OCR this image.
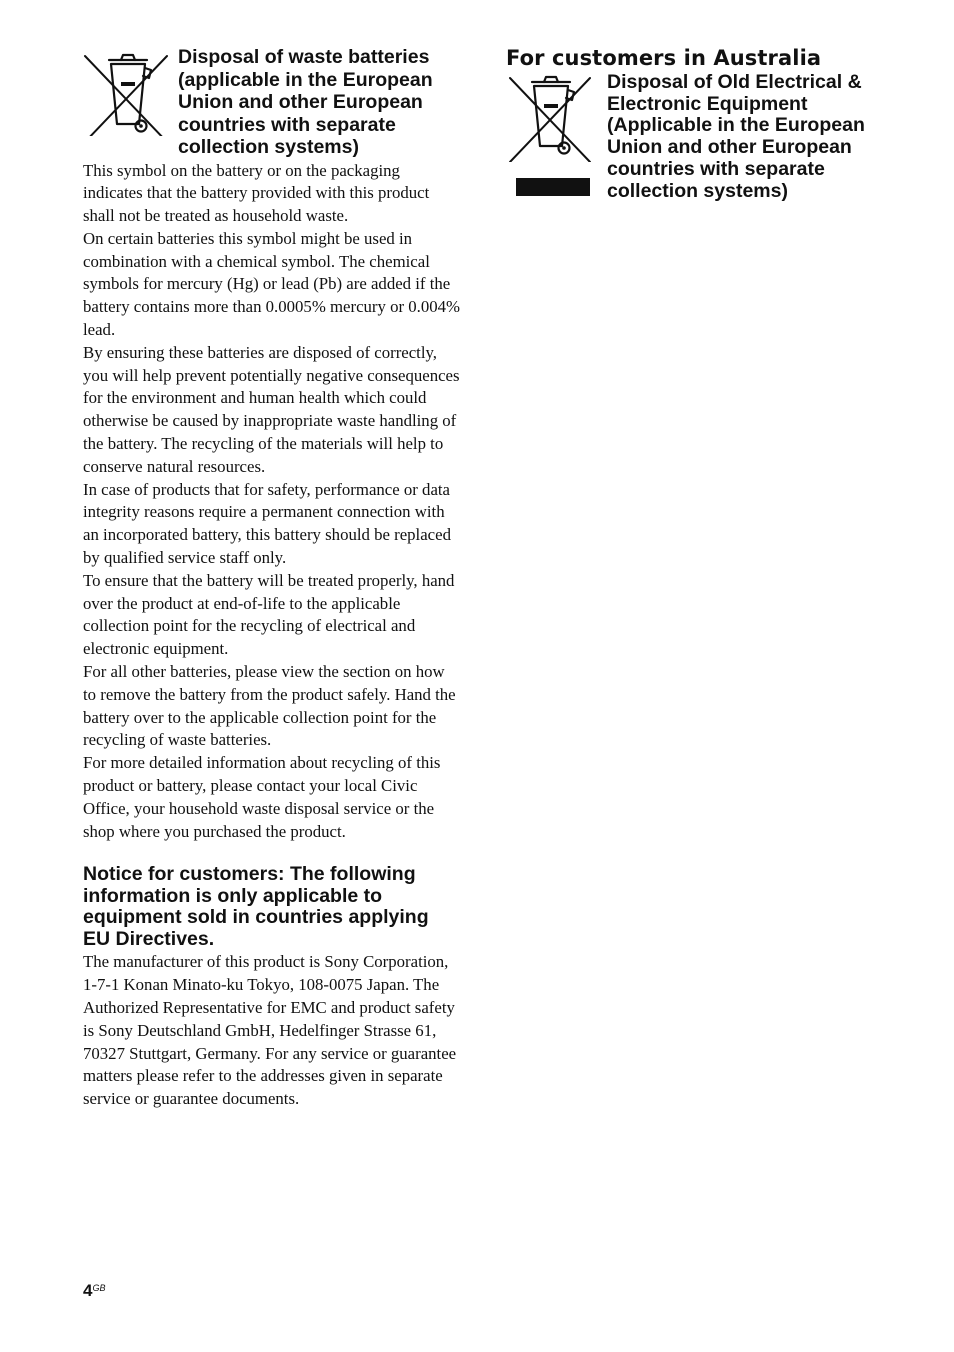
Disposal of waste batteries (applicable in the European Union and other European countries with separate collection systems)

This symbol on the battery or on the packaging indicates that the battery provided with this product shall not be treated as household waste.

On certain batteries this symbol might be used in combination with a chemical symbol. The chemical symbols for mercury (Hg) or lead (Pb) are added if the battery contains more than 0.0005% mercury or 0.004% lead.

By ensuring these batteries are disposed of correctly, you will help prevent potentially negative consequences for the environment and human health which could otherwise be caused by inappropriate waste handling of the battery. The recycling of the materials will help to conserve natural resources.

In case of products that for safety, performance or data integrity reasons require a permanent connection with an incorporated battery, this battery should be replaced by qualified service staff only.

To ensure that the battery will be treated properly, hand over the product at end-of-life to the applicable collection point for the recycling of electrical and electronic equipment.

For all other batteries, please view the section on how to remove the battery from the product safely. Hand the battery over to the applicable collection point for the recycling of waste batteries.

For more detailed information about recycling of this product or battery, please contact your local Civic Office, your household waste disposal service or the shop where you purchased the product.

Notice for customers: The following information is only applicable to equipment sold in countries applying EU Directives.

The manufacturer of this product is Sony Corporation, 1-7-1 Konan Minato-ku Tokyo, 108-0075 Japan. The Authorized Representative for EMC and product safety is Sony Deutschland GmbH, Hedelfinger Strasse 61, 70327 Stuttgart, Germany. For any service or guarantee matters please refer to the addresses given in separate service or guarantee documents.

For customers in Australia
Disposal of Old Electrical & Electronic Equipment (Applicable in the European Union and other European countries with separate collection systems)
$4^{GB}$
